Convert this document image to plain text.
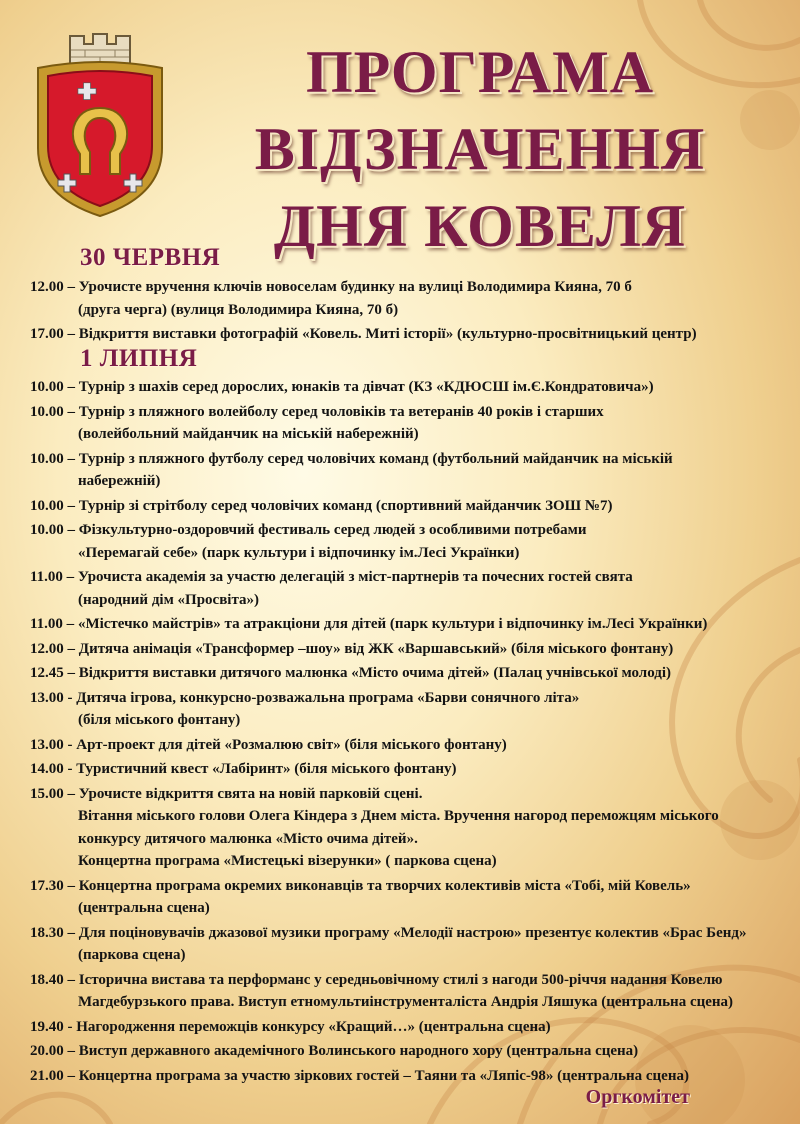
ПРОГРАМА
ВІДЗНАЧЕННЯ
ДНЯ КОВЕЛЯ
30 ЧЕРВНЯ
12.00 – Урочисте вручення ключів новоселам будинку на вулиці Володимира Кияна, 70 б
(друга черга) (вулиця Володимира Кияна, 70 б)
17.00 – Відкриття виставки фотографій «Ковель. Миті історії» (культурно-просвітницький центр)
1 ЛИПНЯ
10.00 – Турнір з шахів серед дорослих, юнаків та дівчат (КЗ «КДЮСШ ім.Є.Кондратовича»)
10.00 – Турнір з пляжного волейболу серед чоловіків та ветеранів 40 років і старших
(волейбольний майданчик на міській набережній)
10.00 – Турнір з пляжного футболу серед чоловічих команд (футбольний майданчик на міській
набережній)
10.00 – Турнір зі стрітболу серед чоловічих команд (спортивний майданчик ЗОШ №7)
10.00 – Фізкультурно-оздоровчий фестиваль серед людей з особливими потребами
«Перемагай себе» (парк культури і відпочинку ім.Лесі Українки)
11.00 – Урочиста академія за участю делегацій з міст-партнерів та почесних гостей свята
(народний дім «Просвіта»)
11.00 – «Містечко майстрів» та атракціони для дітей (парк культури і відпочинку ім.Лесі Українки)
12.00 – Дитяча анімація «Трансформер –шоу» від ЖК «Варшавський» (біля міського фонтану)
12.45 – Відкриття виставки дитячого малюнка «Місто очима дітей» (Палац учнівської молоді)
13.00 - Дитяча ігрова, конкурсно-розважальна програма «Барви сонячного літа»
(біля міського фонтану)
13.00 - Арт-проект для дітей «Розмалюю світ» (біля міського фонтану)
14.00 - Туристичний квест «Лабіринт» (біля міського фонтану)
15.00 – Урочисте відкриття свята на новій парковій сцені.
Вітання міського голови Олега Кіндера з Днем міста. Вручення нагород переможцям міського
конкурсу дитячого малюнка «Місто очима дітей».
Концертна програма «Мистецькі візерунки» ( паркова сцена)
17.30 – Концертна програма окремих виконавців та творчих колективів міста «Тобі, мій Ковель»
(центральна сцена)
18.30 – Для поціновувачів джазової музики програму «Мелодії настрою» презентує колектив «Брас Бенд»
(паркова сцена)
18.40 – Історична вистава та перформанс у середньовічному стилі з нагоди 500-річчя надання Ковелю
Магдебурзького права. Виступ етномультиінструменталіста Андрія Ляшука (центральна сцена)
19.40 - Нагородження переможців конкурсу «Кращий…» (центральна сцена)
20.00 – Виступ державного академічного Волинського народного хору (центральна сцена)
21.00 – Концертна програма за участю зіркових гостей – Таяни та «Ляпіс-98» (центральна сцена)

Оргкомітет
